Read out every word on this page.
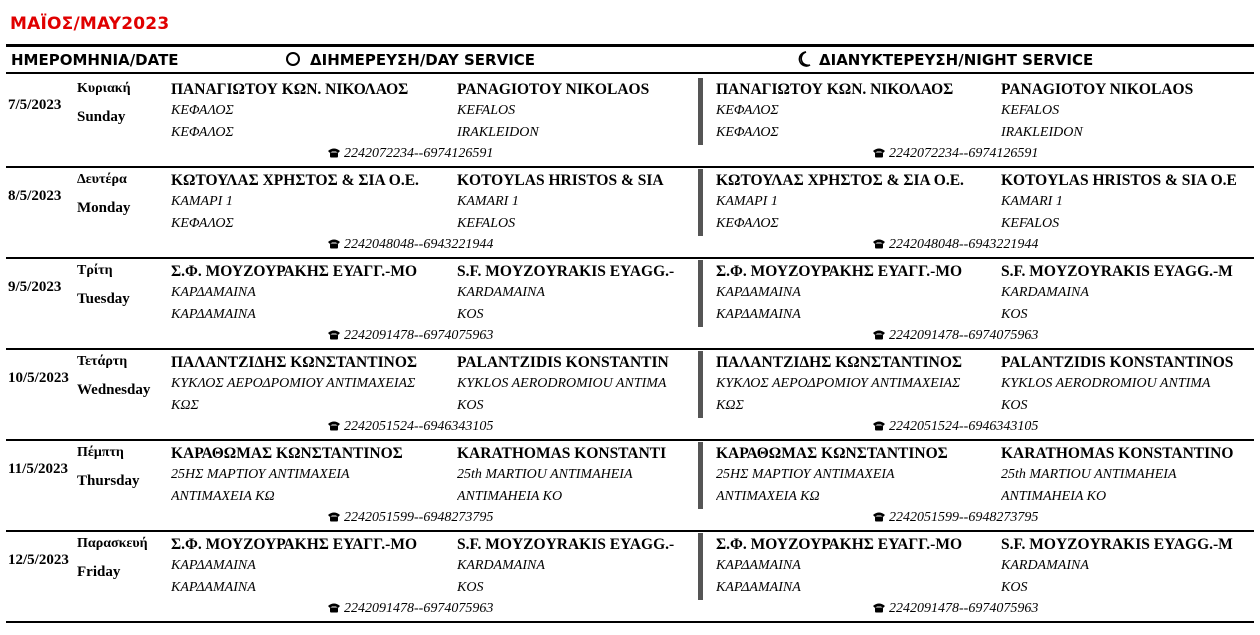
ΜΑΪΟΣ/MAY2023
ΗΜΕΡΟΜΗΝΙΑ/DATE	ΔΙΗΜΕΡΕΥΣΗ/DAY SERVICE	ΔΙΑΝΥΚΤΕΡΕΥΣΗ/NIGHT SERVICE
7/5/2023
Κυριακή
Sunday
ΠΑΝΑΓΙΩΤΟΥ ΚΩΝ. ΝΙΚΟΛΑΟΣ
ΚΕΦΑΛΟΣ
ΚΕΦΑΛΟΣ
PANAGIOTOY NIKOLAOS
KEFALOS
IRAKLEIDON
2242072234--6974126591
ΠΑΝΑΓΙΩΤΟΥ ΚΩΝ. ΝΙΚΟΛΑΟΣ
ΚΕΦΑΛΟΣ
ΚΕΦΑΛΟΣ
PANAGIOTOY NIKOLAOS
KEFALOS
IRAKLEIDON
2242072234--6974126591
8/5/2023
Δευτέρα
Monday
ΚΩΤΟΥΛΑΣ ΧΡΗΣΤΟΣ & ΣΙΑ Ο.Ε.
ΚΑΜΑΡΙ 1
ΚΕΦΑΛΟΣ
KOTOYLAS HRISTOS & SIA
KAMARI 1
KEFALOS
2242048048--6943221944
ΚΩΤΟΥΛΑΣ ΧΡΗΣΤΟΣ & ΣΙΑ Ο.Ε.
ΚΑΜΑΡΙ 1
ΚΕΦΑΛΟΣ
KOTOYLAS HRISTOS & SIA O.E
KAMARI 1
KEFALOS
2242048048--6943221944
9/5/2023
Τρίτη
Tuesday
Σ.Φ. ΜΟΥΖΟΥΡΑΚΗΣ ΕΥΑΓΓ.-ΜΟ
ΚΑΡΔΑΜΑΙΝΑ
ΚΑΡΔΑΜΑΙΝΑ
S.F. MOYZOYRAKIS EYAGG.-
KARDAMAINA
KOS
2242091478--6974075963
Σ.Φ. ΜΟΥΖΟΥΡΑΚΗΣ ΕΥΑΓΓ.-ΜΟ
ΚΑΡΔΑΜΑΙΝΑ
ΚΑΡΔΑΜΑΙΝΑ
S.F. MOYZOYRAKIS EYAGG.-M
KARDAMAINA
KOS
2242091478--6974075963
10/5/2023
Τετάρτη
Wednesday
ΠΑΛΑΝΤΖΙΔΗΣ ΚΩΝΣΤΑΝΤΙΝΟΣ
ΚΥΚΛΟΣ ΑΕΡΟΔΡΟΜΙΟΥ ΑΝΤΙΜΑΧΕΙΑΣ
ΚΩΣ
PALANTZIDIS KONSTANTIN
KYKLOS AERODROMIOU ANTIMA
KOS
2242051524--6946343105
ΠΑΛΑΝΤΖΙΔΗΣ ΚΩΝΣΤΑΝΤΙΝΟΣ
ΚΥΚΛΟΣ ΑΕΡΟΔΡΟΜΙΟΥ ΑΝΤΙΜΑΧΕΙΑΣ
ΚΩΣ
PALANTZIDIS KONSTANTINOS
KYKLOS AERODROMIOU ANTIMA
KOS
2242051524--6946343105
11/5/2023
Πέμπτη
Thursday
ΚΑΡΑΘΩΜΑΣ ΚΩΝΣΤΑΝΤΙΝΟΣ
25ΗΣ ΜΑΡΤΙΟΥ ΑΝΤΙΜΑΧΕΙΑ
ΑΝΤΙΜΑΧΕΙΑ ΚΩ
KARATHOMAS KONSTANTI
25th MARTIOU ANTIMAHEIA
ANTIMAHEIA KO
2242051599--6948273795
ΚΑΡΑΘΩΜΑΣ ΚΩΝΣΤΑΝΤΙΝΟΣ
25ΗΣ ΜΑΡΤΙΟΥ ΑΝΤΙΜΑΧΕΙΑ
ΑΝΤΙΜΑΧΕΙΑ ΚΩ
KARATHOMAS KONSTANTINO
25th MARTIOU ANTIMAHEIA
ANTIMAHEIA KO
2242051599--6948273795
12/5/2023
Παρασκευή
Friday
Σ.Φ. ΜΟΥΖΟΥΡΑΚΗΣ ΕΥΑΓΓ.-ΜΟ
ΚΑΡΔΑΜΑΙΝΑ
ΚΑΡΔΑΜΑΙΝΑ
S.F. MOYZOYRAKIS EYAGG.-
KARDAMAINA
KOS
2242091478--6974075963
Σ.Φ. ΜΟΥΖΟΥΡΑΚΗΣ ΕΥΑΓΓ.-ΜΟ
ΚΑΡΔΑΜΑΙΝΑ
ΚΑΡΔΑΜΑΙΝΑ
S.F. MOYZOYRAKIS EYAGG.-M
KARDAMAINA
KOS
2242091478--6974075963
